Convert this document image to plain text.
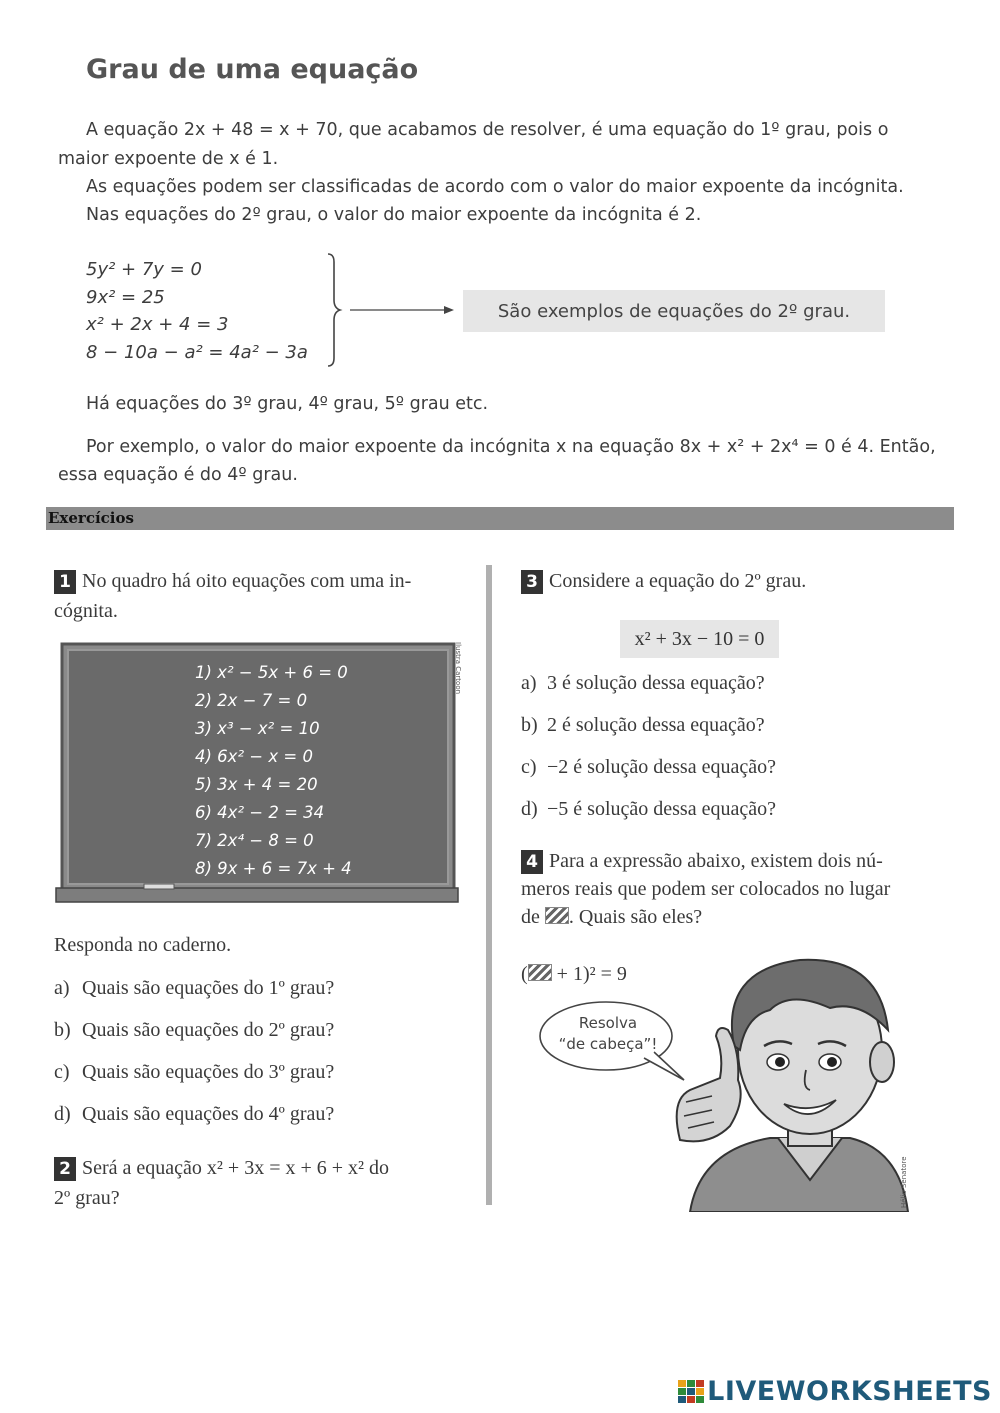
Grau de uma equação
A equação 2x + 48 = x + 70, que acabamos de resolver, é uma equação do 1º grau, pois o
maior expoente de x é 1.
As equações podem ser classificadas de acordo com o valor do maior expoente da incógnita.
Nas equações do 2º grau, o valor do maior expoente da incógnita é 2.
5y² + 7y = 0
9x² = 25
x² + 2x + 4 = 3
8 − 10a − a² = 4a² − 3a
São exemplos de equações do 2º grau.
Há equações do 3º grau, 4º grau, 5º grau etc.
Por exemplo, o valor do maior expoente da incógnita x na equação 8x + x² + 2x⁴ = 0 é 4. Então,
essa equação é do 4º grau.
Exercícios
1 No quadro há oito equações com uma in-
cógnita.
1) x² − 5x + 6 = 0
2) 2x − 7 = 0
3) x³ − x² = 10
4) 6x² − x = 0
5) 3x + 4 = 20
6) 4x² − 2 = 34
7) 2x⁴ − 8 = 0
8) 9x + 6 = 7x + 4
Ilustra Cartoon
Responda no caderno.
a) Quais são equações do 1º grau?
b) Quais são equações do 2º grau?
c) Quais são equações do 3º grau?
d) Quais são equações do 4º grau?
2 Será a equação x² + 3x = x + 6 + x² do
2º grau?
3 Considere a equação do 2º grau.
x² + 3x − 10 = 0
a) 3 é solução dessa equação?
b) 2 é solução dessa equação?
c) −2 é solução dessa equação?
d) −5 é solução dessa equação?
4 Para a expressão abaixo, existem dois nú-
meros reais que podem ser colocados no lugar
de . Quais são eles?
( + 1)² = 9
Resolva
“de cabeça”!
Hélio Senatore
LIVEWORKSHEETS
